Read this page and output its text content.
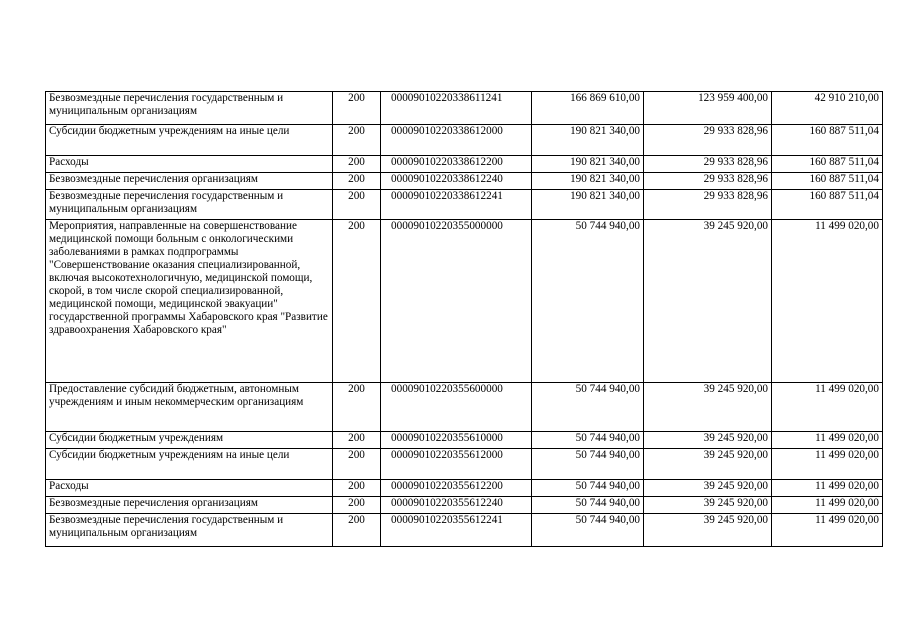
Безвозмездные перечисления государственным и муниципальным организациям	200	00009010220338611241	166 869 610,00	123 959 400,00	42 910 210,00
Субсидии бюджетным учреждениям на иные цели	200	00009010220338612000	190 821 340,00	29 933 828,96	160 887 511,04
Расходы	200	00009010220338612200	190 821 340,00	29 933 828,96	160 887 511,04
Безвозмездные перечисления организациям	200	00009010220338612240	190 821 340,00	29 933 828,96	160 887 511,04
Безвозмездные перечисления государственным и муниципальным организациям	200	00009010220338612241	190 821 340,00	29 933 828,96	160 887 511,04
Мероприятия, направленные на совершенствование медицинской помощи больным с онкологическими заболеваниями в рамках подпрограммы "Совершенствование оказания специализированной, включая высокотехнологичную, медицинской помощи, скорой, в том числе скорой специализированной, медицинской помощи, медицинской эвакуации" государственной программы Хабаровского края "Развитие здравоохранения Хабаровского края"	200	00009010220355000000	50 744 940,00	39 245 920,00	11 499 020,00
Предоставление субсидий бюджетным, автономным учреждениям и иным некоммерческим организациям	200	00009010220355600000	50 744 940,00	39 245 920,00	11 499 020,00
Субсидии бюджетным учреждениям	200	00009010220355610000	50 744 940,00	39 245 920,00	11 499 020,00
Субсидии бюджетным учреждениям на иные цели	200	00009010220355612000	50 744 940,00	39 245 920,00	11 499 020,00
Расходы	200	00009010220355612200	50 744 940,00	39 245 920,00	11 499 020,00
Безвозмездные перечисления организациям	200	00009010220355612240	50 744 940,00	39 245 920,00	11 499 020,00
Безвозмездные перечисления государственным и муниципальным организациям	200	00009010220355612241	50 744 940,00	39 245 920,00	11 499 020,00
